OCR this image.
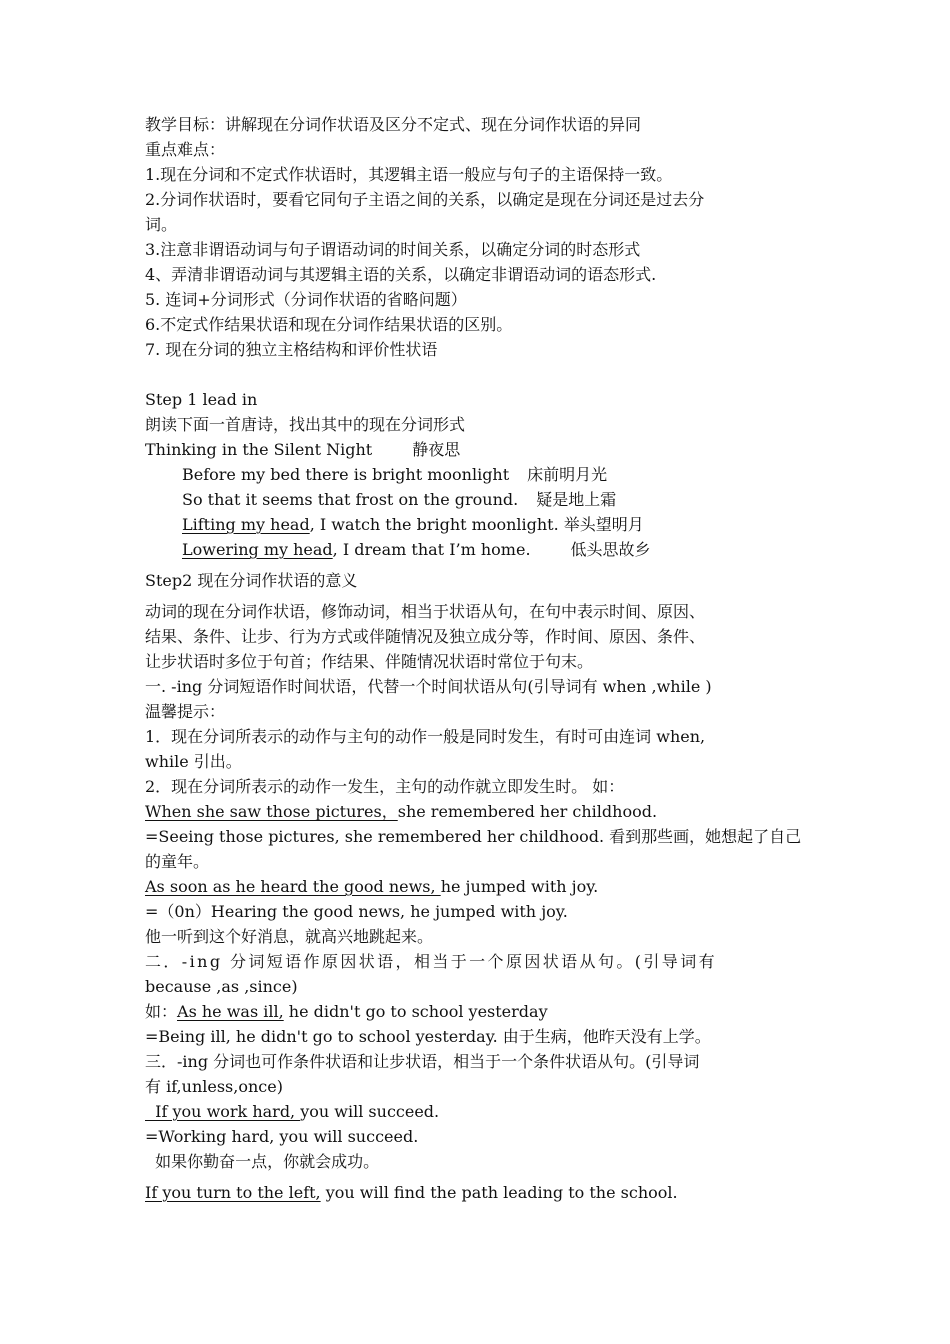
教学目标：讲解现在分词作状语及区分不定式、现在分词作状语的异同
重点难点：
1.现在分词和不定式作状语时，其逻辑主语一般应与句子的主语保持一致。
2.分词作状语时，要看它同句子主语之间的关系，以确定是现在分词还是过去分
词。
3.注意非谓语动词与句子谓语动词的时间关系，以确定分词的时态形式
4、弄清非谓语动词与其逻辑主语的关系，以确定非谓语动词的语态形式.
5. 连词+分词形式（分词作状语的省略问题）
6.不定式作结果状语和现在分词作结果状语的区别。
7. 现在分词的独立主格结构和评价性状语
Step 1 lead in
朗读下面一首唐诗，找出其中的现在分词形式
Thinking in the Silent Night	静夜思
Before my bed there is bright moonlight 床前明月光
So that it seems that frost on the ground. 疑是地上霜
Lifting my head, I watch the bright moonlight. 举头望明月
Lowering my head, I dream that I’m home.	低头思故乡
Step2 现在分词作状语的意义
动词的现在分词作状语，修饰动词，相当于状语从句，在句中表示时间、原因、
结果、条件、让步、行为方式或伴随情况及独立成分等，作时间、原因、条件、
让步状语时多位于句首；作结果、伴随情况状语时常位于句末。
一. -ing 分词短语作时间状语，代替一个时间状语从句(引导词有 when ,while )
温馨提示：
1．现在分词所表示的动作与主句的动作一般是同时发生，有时可由连词 when,
while 引出。
2．现在分词所表示的动作一发生，主句的动作就立即发生时。 如：
When she saw those pictures，she remembered her childhood.
=Seeing those pictures, she remembered her childhood. 看到那些画，她想起了自己
的童年。
As soon as he heard the good news, he jumped with joy.
=（0n）Hearing the good news, he jumped with joy.
他一听到这个好消息，就高兴地跳起来。
二．-ing 分词短语作原因状语，相当于一个原因状语从句。(引导词有
because ,as ,since)
如：As he was ill, he didn't go to school yesterday
=Being ill, he didn't go to school yesterday. 由于生病，他昨天没有上学。
三．-ing 分词也可作条件状语和让步状语，相当于一个条件状语从句。(引导词
有 if,unless,once)
If you work hard, you will succeed.
=Working hard, you will succeed.
如果你勤奋一点，你就会成功。
If you turn to the left, you will find the path leading to the school.
